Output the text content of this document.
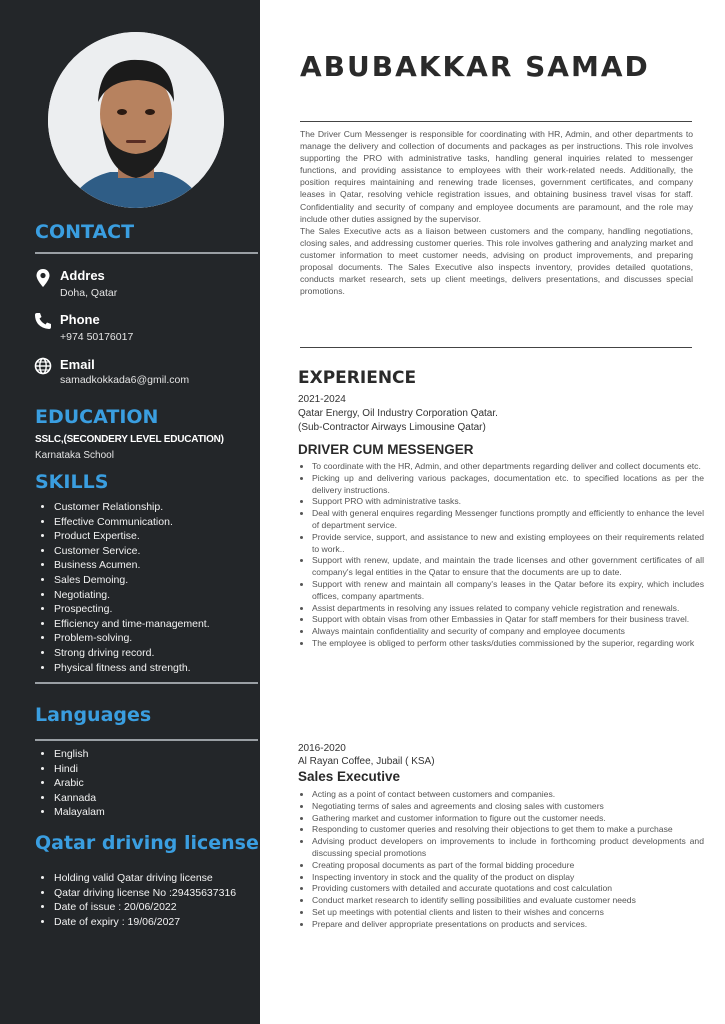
CONTACT
Addres
Doha, Qatar
Phone
+974 50176017
Email
samadkokkada6@gmil.com
EDUCATION
SSLC,(SECONDERY LEVEL EDUCATION)
Karnataka School
SKILLS
• Customer Relationship.
• Effective Communication.
• Product Expertise.
• Customer Service.
• Business Acumen.
• Sales Demoing.
• Negotiating.
• Prospecting.
• Efficiency and time-management.
• Problem-solving.
• Strong driving record.
• Physical fitness and strength.
Languages
• English
• Hindi
• Arabic
• Kannada
• Malayalam
Qatar driving license
• Holding valid Qatar driving license
• Qatar driving license No :29435637316
• Date of issue : 20/06/2022
• Date of expiry : 19/06/2027
ABUBAKKAR SAMAD

The Driver Cum Messenger is responsible for coordinating with HR, Admin, and other departments to manage the delivery and collection of documents and packages as per instructions. This role involves supporting the PRO with administrative tasks, handling general inquiries related to messenger functions, and providing assistance to employees with their work-related needs. Additionally, the position requires maintaining and renewing trade licenses, government certificates, and company leases in Qatar, resolving vehicle registration issues, and obtaining business travel visas for staff. Confidentiality and security of company and employee documents are paramount, and the role may include other duties assigned by the supervisor.

The Sales Executive acts as a liaison between customers and the company, handling negotiations, closing sales, and addressing customer queries. This role involves gathering and analyzing market and customer information to meet customer needs, advising on product improvements, and preparing proposal documents. The Sales Executive also inspects inventory, provides detailed quotations, conducts market research, sets up client meetings, delivers presentations, and discusses special promotions.

EXPERIENCE
2021-2024
Qatar Energy, Oil Industry Corporation Qatar.
(Sub-Contractor Airways Limousine Qatar)
DRIVER CUM MESSENGER
• To coordinate with the HR, Admin, and other departments regarding deliver and collect documents etc.
• Picking up and delivering various packages, documentation etc. to specified locations as per the delivery instructions.
• Support PRO with administrative tasks.
• Deal with general enquires regarding Messenger functions promptly and efficiently to enhance the level of department service.
• Provide service, support, and assistance to new and existing employees on their requirements related to work..
• Support with renew, update, and maintain the trade licenses and other government certificates of all company's legal entities in the Qatar to ensure that the documents are up to date.
• Support with renew and maintain all company's leases in the Qatar before its expiry, which includes offices, company apartments.
• Assist departments in resolving any issues related to company vehicle registration and renewals.
• Support with obtain visas from other Embassies in Qatar for staff members for their business travel.
• Always maintain confidentiality and security of company and employee documents
• The employee is obliged to perform other tasks/duties commissioned by the superior, regarding work
2016-2020
Al Rayan Coffee, Jubail ( KSA)
Sales Executive
• Acting as a point of contact between customers and companies.
• Negotiating terms of sales and agreements and closing sales with customers
• Gathering market and customer information to figure out the customer needs.
• Responding to customer queries and resolving their objections to get them to make a purchase
• Advising product developers on improvements to include in forthcoming product developments and discussing special promotions
• Creating proposal documents as part of the formal bidding procedure
• Inspecting inventory in stock and the quality of the product on display
• Providing customers with detailed and accurate quotations and cost calculation
• Conduct market research to identify selling possibilities and evaluate customer needs
• Set up meetings with potential clients and listen to their wishes and concerns
• Prepare and deliver appropriate presentations on products and services.
